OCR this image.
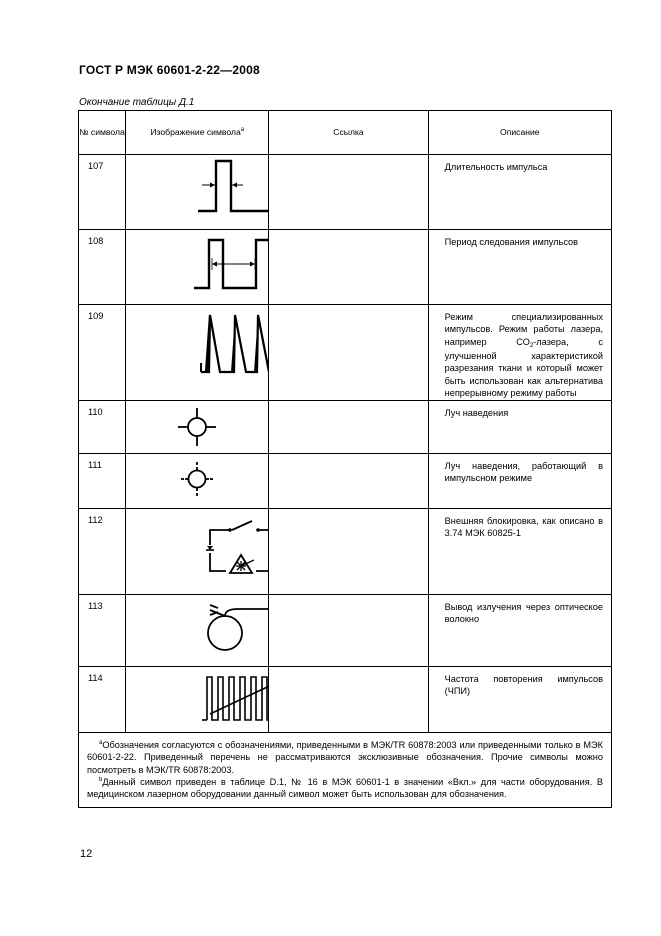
ГОСТ Р МЭК 60601-2-22—2008
Окончание таблицы Д.1
№ символа	Изображение символа$^а$	Ссылка	Описание
107			Длительность импульса
108			Период следования импульсов
109			Режим специализированных импульсов. Режим работы лазера, например $СО_2$-лазера, с улучшенной характеристикой разрезания ткани и который может быть использован как альтернатива непрерывному режиму работы
110			Луч наведения
111			Луч наведения, работающий в импульсном режиме
112			Внешняя блокировка, как описано в 3.74 МЭК 60825-1
113			Вывод излучения через оптическое волокно
114			Частота повторения импульсов (ЧПИ)

$^а$Обозначения согласуются с обозначениями, приведенными в МЭК/TR 60878:2003 или приведенными только в МЭК 60601-2-22. Приведенный перечень не рассматриваются эксклюзивные обозначения. Прочие символы можно посмотреть в МЭК/TR 60878:2003.

$^b$Данный символ приведен в таблице D.1, № 16 в МЭК 60601-1 в значении «Вкл.» для части оборудования. В медицинском лазерном оборудовании данный символ может быть использован для обозначения.			

12
